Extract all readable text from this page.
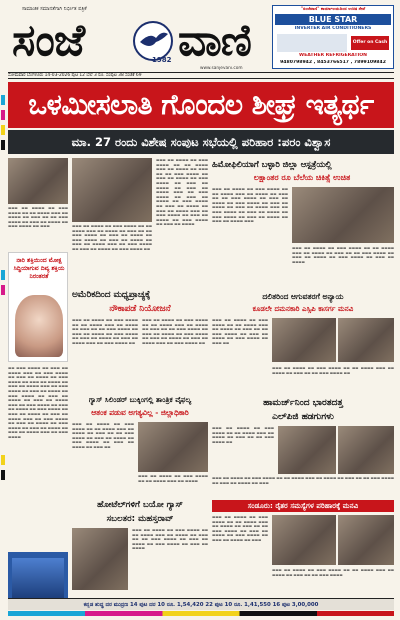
ಸಾಮಾಜಿಕ ಸಮಾನತೆಗಾಗಿ ನಿರ್ಭೀತ ಪತ್ರಿಕೆ
ಸಂಜೆ	1982 ವಾಣಿ
"ಸಂಜೆವಾಣಿ" ಕಾರ್ಯಾಲಯದಿಂದ ಉಚಿತ ಸೇವೆ
BLUE STAR
INVERTER AIR CONDITIONERS
Offer on Cash
WEATHER REFRIGERATION
9480798942 , 8453766517 , 7899109842
www.sanjevani.com
ಸೋಮವಾರ ಬೆಂಗಳೂರು 14-03-2026 ಪುಟ 12 ಬೆಲೆ 3 ರೂ. ಸಂಪುಟ 38 ಸಂಚಿಕೆ 69
ಒಳಮೀಸಲಾತಿ ಗೊಂದಲ ಶೀಘ್ರ ಇತ್ಯರ್ಥ
ಮಾ. 27 ರಂದು ವಿಶೇಷ ಸಂಪುಟ ಸಭೆಯಲ್ಲಿ ಪರಿಹಾರ :ಪರಂ ವಿಶ್ವಾಸ
▬▬▬ ▬▬ ▬▬▬▬ ▬▬ ▬▬▬ ▬▬▬▬ ▬▬ ▬▬ ▬▬▬▬ ▬▬▬ ▬▬ ▬▬▬▬ ▬▬ ▬▬▬ ▬▬ ▬▬ ▬▬▬ ▬▬▬▬ ▬▬ ▬▬▬ ▬▬ ▬▬▬▬ ▬▬ ▬▬▬ ▬▬▬▬ ▬▬ ▬▬▬
ನಾರಿ ಶಕ್ತಿಯಿಂದ ಮೋಕ್ಷ ಸಿದ್ಧಿಯಾಗುವ ದಿವ್ಯ ಶಕ್ತಿಯ ನಿರಂತರತೆ
▬▬ ▬▬▬ ▬▬▬▬ ▬▬ ▬▬▬ ▬▬ ▬▬▬▬ ▬▬▬ ▬▬ ▬▬▬ ▬▬▬▬ ▬▬ ▬▬▬ ▬▬ ▬▬▬▬ ▬▬ ▬▬▬ ▬▬▬▬ ▬▬ ▬▬▬ ▬▬ ▬▬▬▬ ▬▬ ▬▬▬ ▬▬ ▬▬▬▬ ▬▬▬ ▬▬ ▬▬▬ ▬▬▬▬ ▬▬ ▬▬▬ ▬▬ ▬▬▬▬ ▬▬ ▬▬▬ ▬▬▬▬ ▬▬ ▬▬▬ ▬▬ ▬▬▬▬ ▬▬ ▬▬▬ ▬▬ ▬▬▬▬ ▬▬▬ ▬▬ ▬▬▬ ▬▬▬▬ ▬▬ ▬▬▬ ▬▬ ▬▬▬▬ ▬▬ ▬▬▬ ▬▬▬▬ ▬▬ ▬▬▬ ▬▬ ▬▬▬▬ ▬▬ ▬▬▬ ▬▬ ▬▬▬▬ ▬▬▬ ▬▬ ▬▬▬ ▬▬▬▬ ▬▬ ▬▬▬ ▬▬ ▬▬▬▬ ▬▬ ▬▬▬ ▬▬▬▬ ▬▬ ▬▬▬ ▬▬ ▬▬▬▬ ▬▬ ▬▬▬ ▬▬ ▬▬▬▬ ▬▬▬ ▬▬ ▬▬▬ ▬▬▬▬
▬▬▬ ▬▬ ▬▬▬▬ ▬▬ ▬▬▬ ▬▬▬▬ ▬▬ ▬▬ ▬▬▬▬ ▬▬▬ ▬▬ ▬▬▬▬ ▬▬ ▬▬▬ ▬▬ ▬▬ ▬▬▬ ▬▬▬▬ ▬▬ ▬▬▬ ▬▬ ▬▬▬▬ ▬▬ ▬▬▬ ▬▬▬▬ ▬▬ ▬▬▬ ▬▬ ▬▬▬▬ ▬▬ ▬▬▬ ▬▬ ▬▬▬▬ ▬▬▬ ▬▬ ▬▬▬ ▬▬▬▬ ▬▬ ▬▬▬ ▬▬ ▬▬▬▬ ▬▬ ▬▬▬ ▬▬▬▬ ▬▬
▬▬▬ ▬▬ ▬▬▬▬ ▬▬ ▬▬▬ ▬▬▬▬ ▬▬ ▬▬ ▬▬▬▬ ▬▬▬ ▬▬ ▬▬▬▬ ▬▬ ▬▬▬ ▬▬ ▬▬ ▬▬▬ ▬▬▬▬ ▬▬ ▬▬▬ ▬▬ ▬▬▬▬ ▬▬ ▬▬▬ ▬▬▬▬ ▬▬ ▬▬▬ ▬▬ ▬▬▬▬ ▬▬ ▬▬▬ ▬▬ ▬▬▬▬ ▬▬▬ ▬▬ ▬▬▬ ▬▬▬▬ ▬▬ ▬▬▬ ▬▬ ▬▬▬▬ ▬▬ ▬▬▬ ▬▬▬▬ ▬▬ ▬▬▬ ▬▬ ▬▬▬▬ ▬▬ ▬▬▬ ▬▬ ▬▬▬▬ ▬▬▬ ▬▬ ▬▬▬ ▬▬▬▬ ▬▬ ▬▬▬ ▬▬ ▬▬▬▬ ▬▬ ▬▬▬ ▬▬▬▬ ▬▬ ▬▬▬ ▬▬ ▬▬▬▬
ಹಿಮೋಫಿಲಿಯಾಗೆ ಬಳ್ಳಾರಿ ಜಿಲ್ಲಾ ಆಸ್ಪತ್ರೆಯಲ್ಲಿ
ಲಕ್ಷಾಂತರ ರೂ ಬೆಲೆಯ ಚಿಕಿತ್ಸೆ ಉಚಿತ
▬▬▬ ▬▬ ▬▬▬▬ ▬▬ ▬▬▬ ▬▬▬▬ ▬▬ ▬▬ ▬▬▬▬ ▬▬▬ ▬▬ ▬▬▬▬ ▬▬ ▬▬▬ ▬▬ ▬▬ ▬▬▬ ▬▬▬▬ ▬▬ ▬▬▬ ▬▬ ▬▬▬▬ ▬▬ ▬▬▬ ▬▬▬▬ ▬▬ ▬▬▬ ▬▬ ▬▬▬▬ ▬▬ ▬▬▬ ▬▬ ▬▬▬▬ ▬▬▬ ▬▬ ▬▬▬ ▬▬▬▬ ▬▬ ▬▬▬ ▬▬ ▬▬▬▬ ▬▬ ▬▬▬ ▬▬▬▬ ▬▬ ▬▬▬ ▬▬ ▬▬▬▬ ▬▬ ▬▬▬ ▬▬ ▬▬▬▬ ▬▬▬
▬▬▬ ▬▬ ▬▬▬▬ ▬▬ ▬▬▬ ▬▬▬▬ ▬▬ ▬▬ ▬▬▬▬ ▬▬▬ ▬▬ ▬▬▬▬ ▬▬ ▬▬▬ ▬▬ ▬▬ ▬▬▬ ▬▬▬▬ ▬▬ ▬▬▬ ▬▬ ▬▬▬▬ ▬▬ ▬▬▬ ▬▬▬▬ ▬▬ ▬▬▬ ▬▬ ▬▬▬▬
ಅಮೆರಿಕದಿಂದ ಮಧ್ಯಪ್ರಾಚ್ಯಕ್ಕೆ
ನೌಕಾಪಡೆ ನಿಯೋಜನೆ
▬▬▬ ▬▬ ▬▬▬▬ ▬▬ ▬▬▬ ▬▬▬▬ ▬▬ ▬▬ ▬▬▬▬ ▬▬▬ ▬▬ ▬▬▬▬ ▬▬ ▬▬▬ ▬▬ ▬▬ ▬▬▬ ▬▬▬▬ ▬▬ ▬▬▬ ▬▬ ▬▬▬▬ ▬▬ ▬▬▬ ▬▬▬▬ ▬▬ ▬▬▬ ▬▬ ▬▬▬▬ ▬▬ ▬▬▬ ▬▬ ▬▬▬▬ ▬▬▬ ▬▬ ▬▬▬ ▬▬▬▬ ▬▬
▬▬▬ ▬▬ ▬▬▬▬ ▬▬ ▬▬▬ ▬▬▬▬ ▬▬ ▬▬ ▬▬▬▬ ▬▬▬ ▬▬ ▬▬▬▬ ▬▬ ▬▬▬ ▬▬ ▬▬ ▬▬▬ ▬▬▬▬ ▬▬ ▬▬▬ ▬▬ ▬▬▬▬ ▬▬ ▬▬▬ ▬▬▬▬ ▬▬ ▬▬▬ ▬▬ ▬▬▬▬ ▬▬ ▬▬▬ ▬▬ ▬▬▬▬ ▬▬▬ ▬▬ ▬▬▬ ▬▬▬▬ ▬▬
ದಲಿತರಿಂದ ಆಗುವತರಗೆ ಅನ್ಯಾಯ
ಕೂಡಲೇ ದಮನಕಾರಿ ಎಸ್ಸಿಪಿ ಕಾಸರ್ಗ ಮನವಿ
▬▬▬ ▬▬ ▬▬▬▬ ▬▬ ▬▬▬ ▬▬▬▬ ▬▬ ▬▬ ▬▬▬▬ ▬▬▬ ▬▬ ▬▬▬▬ ▬▬ ▬▬▬ ▬▬ ▬▬ ▬▬▬ ▬▬▬▬ ▬▬ ▬▬▬ ▬▬ ▬▬▬▬ ▬▬ ▬▬▬ ▬▬▬▬ ▬▬ ▬▬▬ ▬▬
▬▬▬ ▬▬ ▬▬▬▬ ▬▬ ▬▬▬ ▬▬▬▬ ▬▬ ▬▬ ▬▬▬▬ ▬▬▬ ▬▬ ▬▬▬▬ ▬▬ ▬▬▬ ▬▬ ▬▬ ▬▬▬ ▬▬▬▬ ▬▬
ಗ್ಯಾಸ್ ಸಿಲಿಂಡರ್ ಬುಕ್ಕಿಂಗಲ್ಲಿ ತಾಂತ್ರಿಕ ವೈಫಲ್ಯ
ಆತಂಕ ಪಡುವ ಅಗತ್ಯವಿಲ್ಲ - ಜಿಲ್ಲಾಧಿಕಾರಿ
▬▬▬ ▬▬ ▬▬▬▬ ▬▬ ▬▬▬ ▬▬▬▬ ▬▬ ▬▬ ▬▬▬▬ ▬▬▬ ▬▬ ▬▬▬▬ ▬▬ ▬▬▬ ▬▬ ▬▬ ▬▬▬ ▬▬▬▬ ▬▬ ▬▬▬ ▬▬ ▬▬▬▬ ▬▬ ▬▬▬ ▬▬▬▬ ▬▬ ▬▬▬ ▬▬ ▬▬▬▬ ▬▬ ▬▬▬ ▬▬
▬▬▬ ▬▬ ▬▬▬▬ ▬▬ ▬▬▬ ▬▬▬▬ ▬▬ ▬▬ ▬▬▬▬ ▬▬▬ ▬▬ ▬▬▬▬
ಹಾಮರ್ಜ್‌ನಿಂದ ಭಾರತದತ್ತ
ಎಲ್‌ಪಿಜಿ ಹಡಗುಗಳು
▬▬▬ ▬▬ ▬▬▬▬ ▬▬ ▬▬▬ ▬▬▬▬ ▬▬ ▬▬ ▬▬▬▬ ▬▬▬ ▬▬ ▬▬▬▬ ▬▬ ▬▬▬ ▬▬ ▬▬ ▬▬▬ ▬▬▬▬ ▬▬
▬▬▬ ▬▬ ▬▬▬▬ ▬▬ ▬▬▬ ▬▬▬▬ ▬▬ ▬▬ ▬▬▬▬ ▬▬▬ ▬▬ ▬▬▬▬ ▬▬ ▬▬▬ ▬▬ ▬▬ ▬▬▬ ▬▬▬▬ ▬▬ ▬▬▬ ▬▬ ▬▬▬▬ ▬▬ ▬▬▬
ಹೋಟೆಲ್‌ಗಳಿಗೆ ಬಯೋ ಗ್ಯಾಸ್
ಸಬಲತರ: ಮಹಸ್ತರಾವ್
▬▬▬ ▬▬ ▬▬▬▬ ▬▬ ▬▬▬ ▬▬▬▬ ▬▬ ▬▬ ▬▬▬▬ ▬▬▬ ▬▬ ▬▬▬▬ ▬▬ ▬▬▬ ▬▬ ▬▬ ▬▬▬ ▬▬▬▬ ▬▬ ▬▬▬ ▬▬ ▬▬▬▬ ▬▬ ▬▬▬ ▬▬▬▬ ▬▬ ▬▬▬ ▬▬ ▬▬▬▬
ಸಂಡೂರು: ರೈತರ ಸಮಸ್ಯೆಗಳ ಪರಿಹಾರಕ್ಕೆ ಮನವಿ
▬▬▬ ▬▬ ▬▬▬▬ ▬▬ ▬▬▬ ▬▬▬▬ ▬▬ ▬▬ ▬▬▬▬ ▬▬▬ ▬▬ ▬▬▬▬ ▬▬ ▬▬▬ ▬▬ ▬▬ ▬▬▬ ▬▬▬▬ ▬▬ ▬▬▬ ▬▬ ▬▬▬▬ ▬▬ ▬▬▬ ▬▬▬▬ ▬▬ ▬▬▬ ▬▬ ▬▬▬▬ ▬▬ ▬▬▬
▬▬▬ ▬▬ ▬▬▬▬ ▬▬ ▬▬▬ ▬▬▬▬ ▬▬ ▬▬ ▬▬▬▬ ▬▬▬ ▬▬ ▬▬▬▬ ▬▬ ▬▬▬ ▬▬ ▬▬ ▬▬▬ ▬▬▬▬
ಕನ್ನಡ ಶುದ್ಧ ದರ ಮುದ್ರಣ 14 ಪುಟ ದರ 10 ರೂ. 1,54,420 22 ಪುಟ 10 ರೂ. 1,41,550 16 ಪುಟ 3,00,000
